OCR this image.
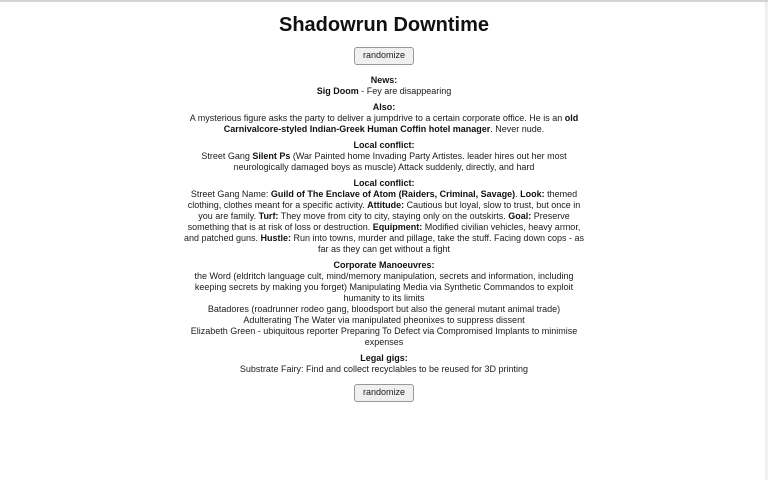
Shadowrun Downtime
randomize
News:
Sig Doom - Fey are disappearing
Also:
A mysterious figure asks the party to deliver a jumpdrive to a certain corporate office. He is an old Carnivalcore-styled Indian-Greek Human Coffin hotel manager. Never nude.
Local conflict:
Street Gang Silent Ps (War Painted home Invading Party Artistes. leader hires out her most neurologically damaged boys as muscle) Attack suddenly, directly, and hard
Local conflict:
Street Gang Name: Guild of The Enclave of Atom (Raiders, Criminal, Savage). Look: themed clothing, clothes meant for a specific activity. Attitude: Cautious but loyal, slow to trust, but once in you are family. Turf: They move from city to city, staying only on the outskirts. Goal: Preserve something that is at risk of loss or destruction. Equipment: Modified civilian vehicles, heavy armor, and patched guns. Hustle: Run into towns, murder and pillage, take the stuff. Facing down cops - as far as they can get without a fight
Corporate Manoeuvres:
the Word (eldritch language cult, mind/memory manipulation, secrets and information, including keeping secrets by making you forget) Manipulating Media via Synthetic Commandos to exploit humanity to its limits
Batadores (roadrunner rodeo gang, bloodsport but also the general mutant animal trade)
Adulterating The Water via manipulated pheonixes to suppress dissent
Elizabeth Green - ubiquitous reporter Preparing To Defect via Compromised Implants to minimise expenses
Legal gigs:
Substrate Fairy: Find and collect recyclables to be reused for 3D printing
randomize
